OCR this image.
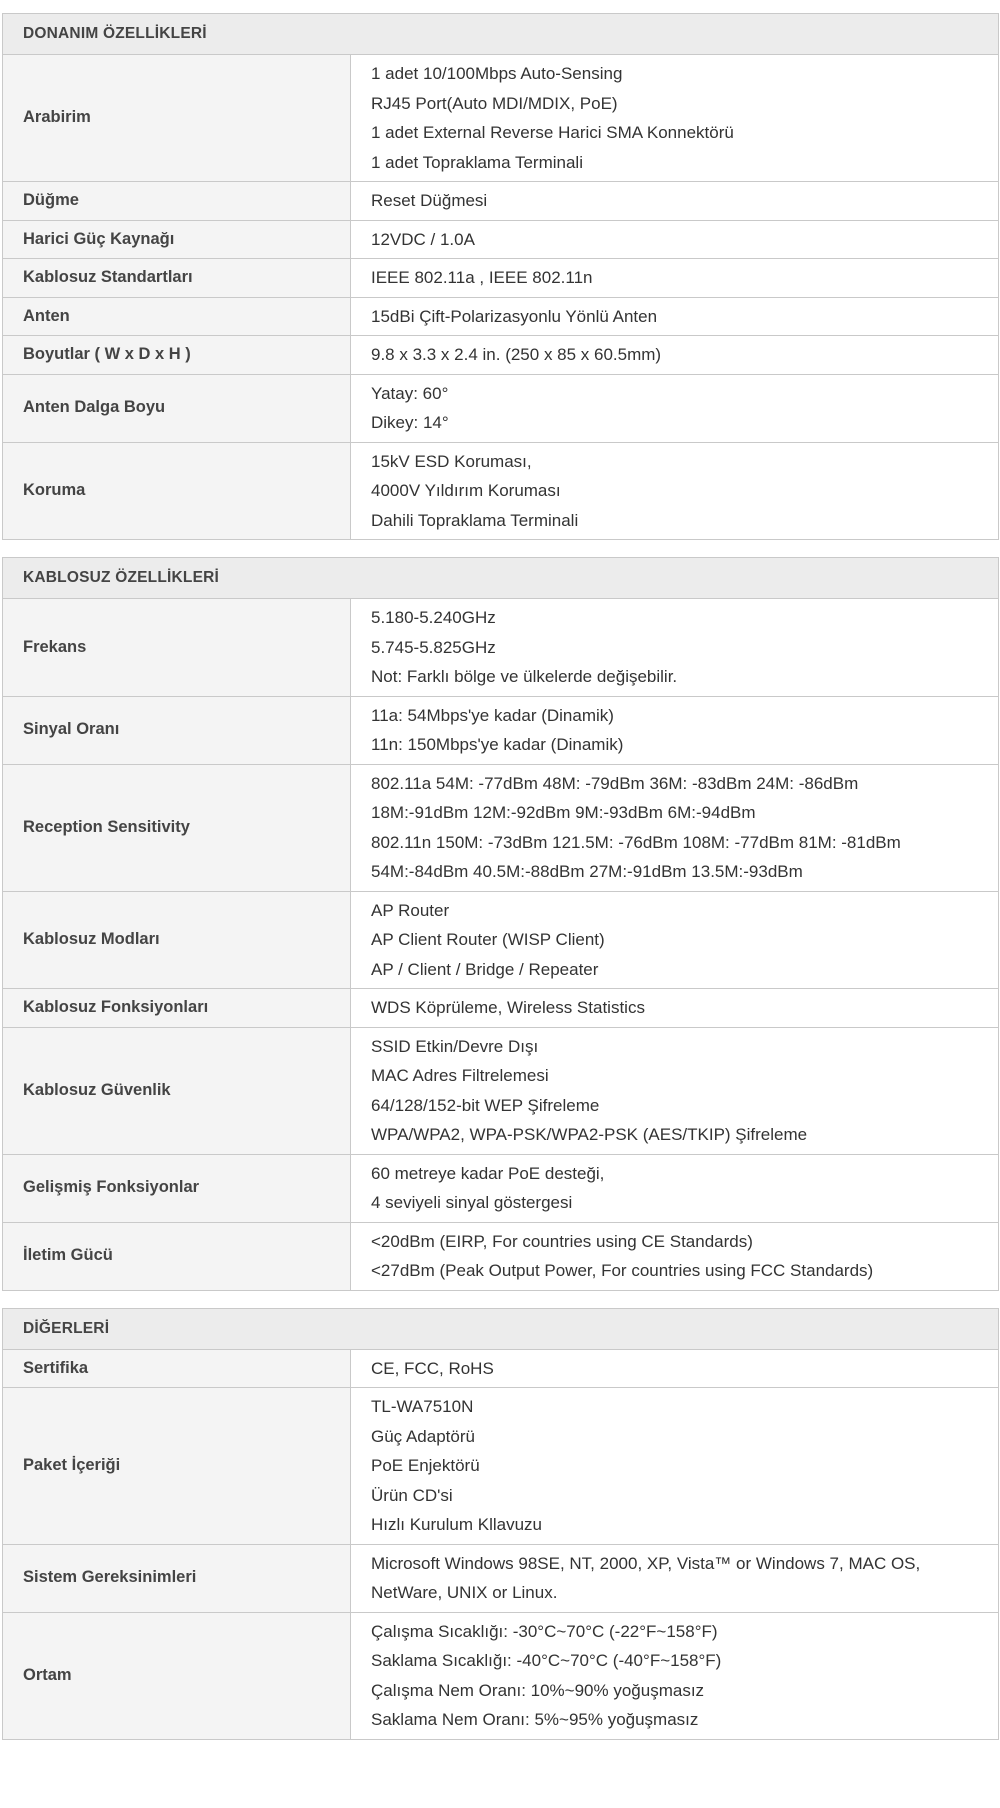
DONANIM ÖZELLİKLERİ	
Arabirim	1 adet 10/100Mbps Auto-Sensing
RJ45 Port(Auto MDI/MDIX, PoE)
1 adet External Reverse Harici SMA Konnektörü
1 adet Topraklama Terminali

Düğme	Reset Düğmesi

Harici Güç Kaynağı	12VDC / 1.0A

Kablosuz Standartları	IEEE 802.11a , IEEE 802.11n

Anten	15dBi Çift-Polarizasyonlu Yönlü Anten

Boyutlar ( W x D x H )	9.8 x 3.3 x 2.4 in. (250 x 85 x 60.5mm)

Anten Dalga Boyu	Yatay: 60°
Dikey: 14°

Koruma	15kV ESD Koruması,
4000V Yıldırım Koruması
Dahili Topraklama Terminali
KABLOSUZ ÖZELLİKLERİ	
Frekans	5.180-5.240GHz
5.745-5.825GHz
Not: Farklı bölge ve ülkelerde değişebilir.

Sinyal Oranı	11a: 54Mbps'ye kadar (Dinamik)
11n: 150Mbps'ye kadar (Dinamik)

Reception Sensitivity	802.11a 54M: -77dBm 48M: -79dBm 36M: -83dBm 24M: -86dBm
18M:-91dBm 12M:-92dBm 9M:-93dBm 6M:-94dBm
802.11n 150M: -73dBm 121.5M: -76dBm 108M: -77dBm 81M: -81dBm
54M:-84dBm 40.5M:-88dBm 27M:-91dBm 13.5M:-93dBm

Kablosuz Modları	AP Router
AP Client Router (WISP Client)
AP / Client / Bridge / Repeater

Kablosuz Fonksiyonları	WDS Köprüleme, Wireless Statistics

Kablosuz Güvenlik	SSID Etkin/Devre Dışı
MAC Adres Filtrelemesi
64/128/152-bit WEP Şifreleme
WPA/WPA2, WPA-PSK/WPA2-PSK (AES/TKIP) Şifreleme

Gelişmiş Fonksiyonlar	60 metreye kadar PoE desteği,
4 seviyeli sinyal göstergesi

İletim Gücü	<20dBm (EIRP, For countries using CE Standards)
<27dBm (Peak Output Power, For countries using FCC Standards)
DİĞERLERİ	
Sertifika	CE, FCC, RoHS

Paket İçeriği	TL-WA7510N
Güç Adaptörü
PoE Enjektörü
Ürün CD'si
Hızlı Kurulum Kllavuzu

Sistem Gereksinimleri	Microsoft Windows 98SE, NT, 2000, XP, Vista™ or Windows 7, MAC OS,
NetWare, UNIX or Linux.

Ortam	Çalışma Sıcaklığı: -30°C~70°C (-22°F~158°F)
Saklama Sıcaklığı: -40°C~70°C (-40°F~158°F)
Çalışma Nem Oranı: 10%~90% yoğuşmasız
Saklama Nem Oranı: 5%~95% yoğuşmasız
